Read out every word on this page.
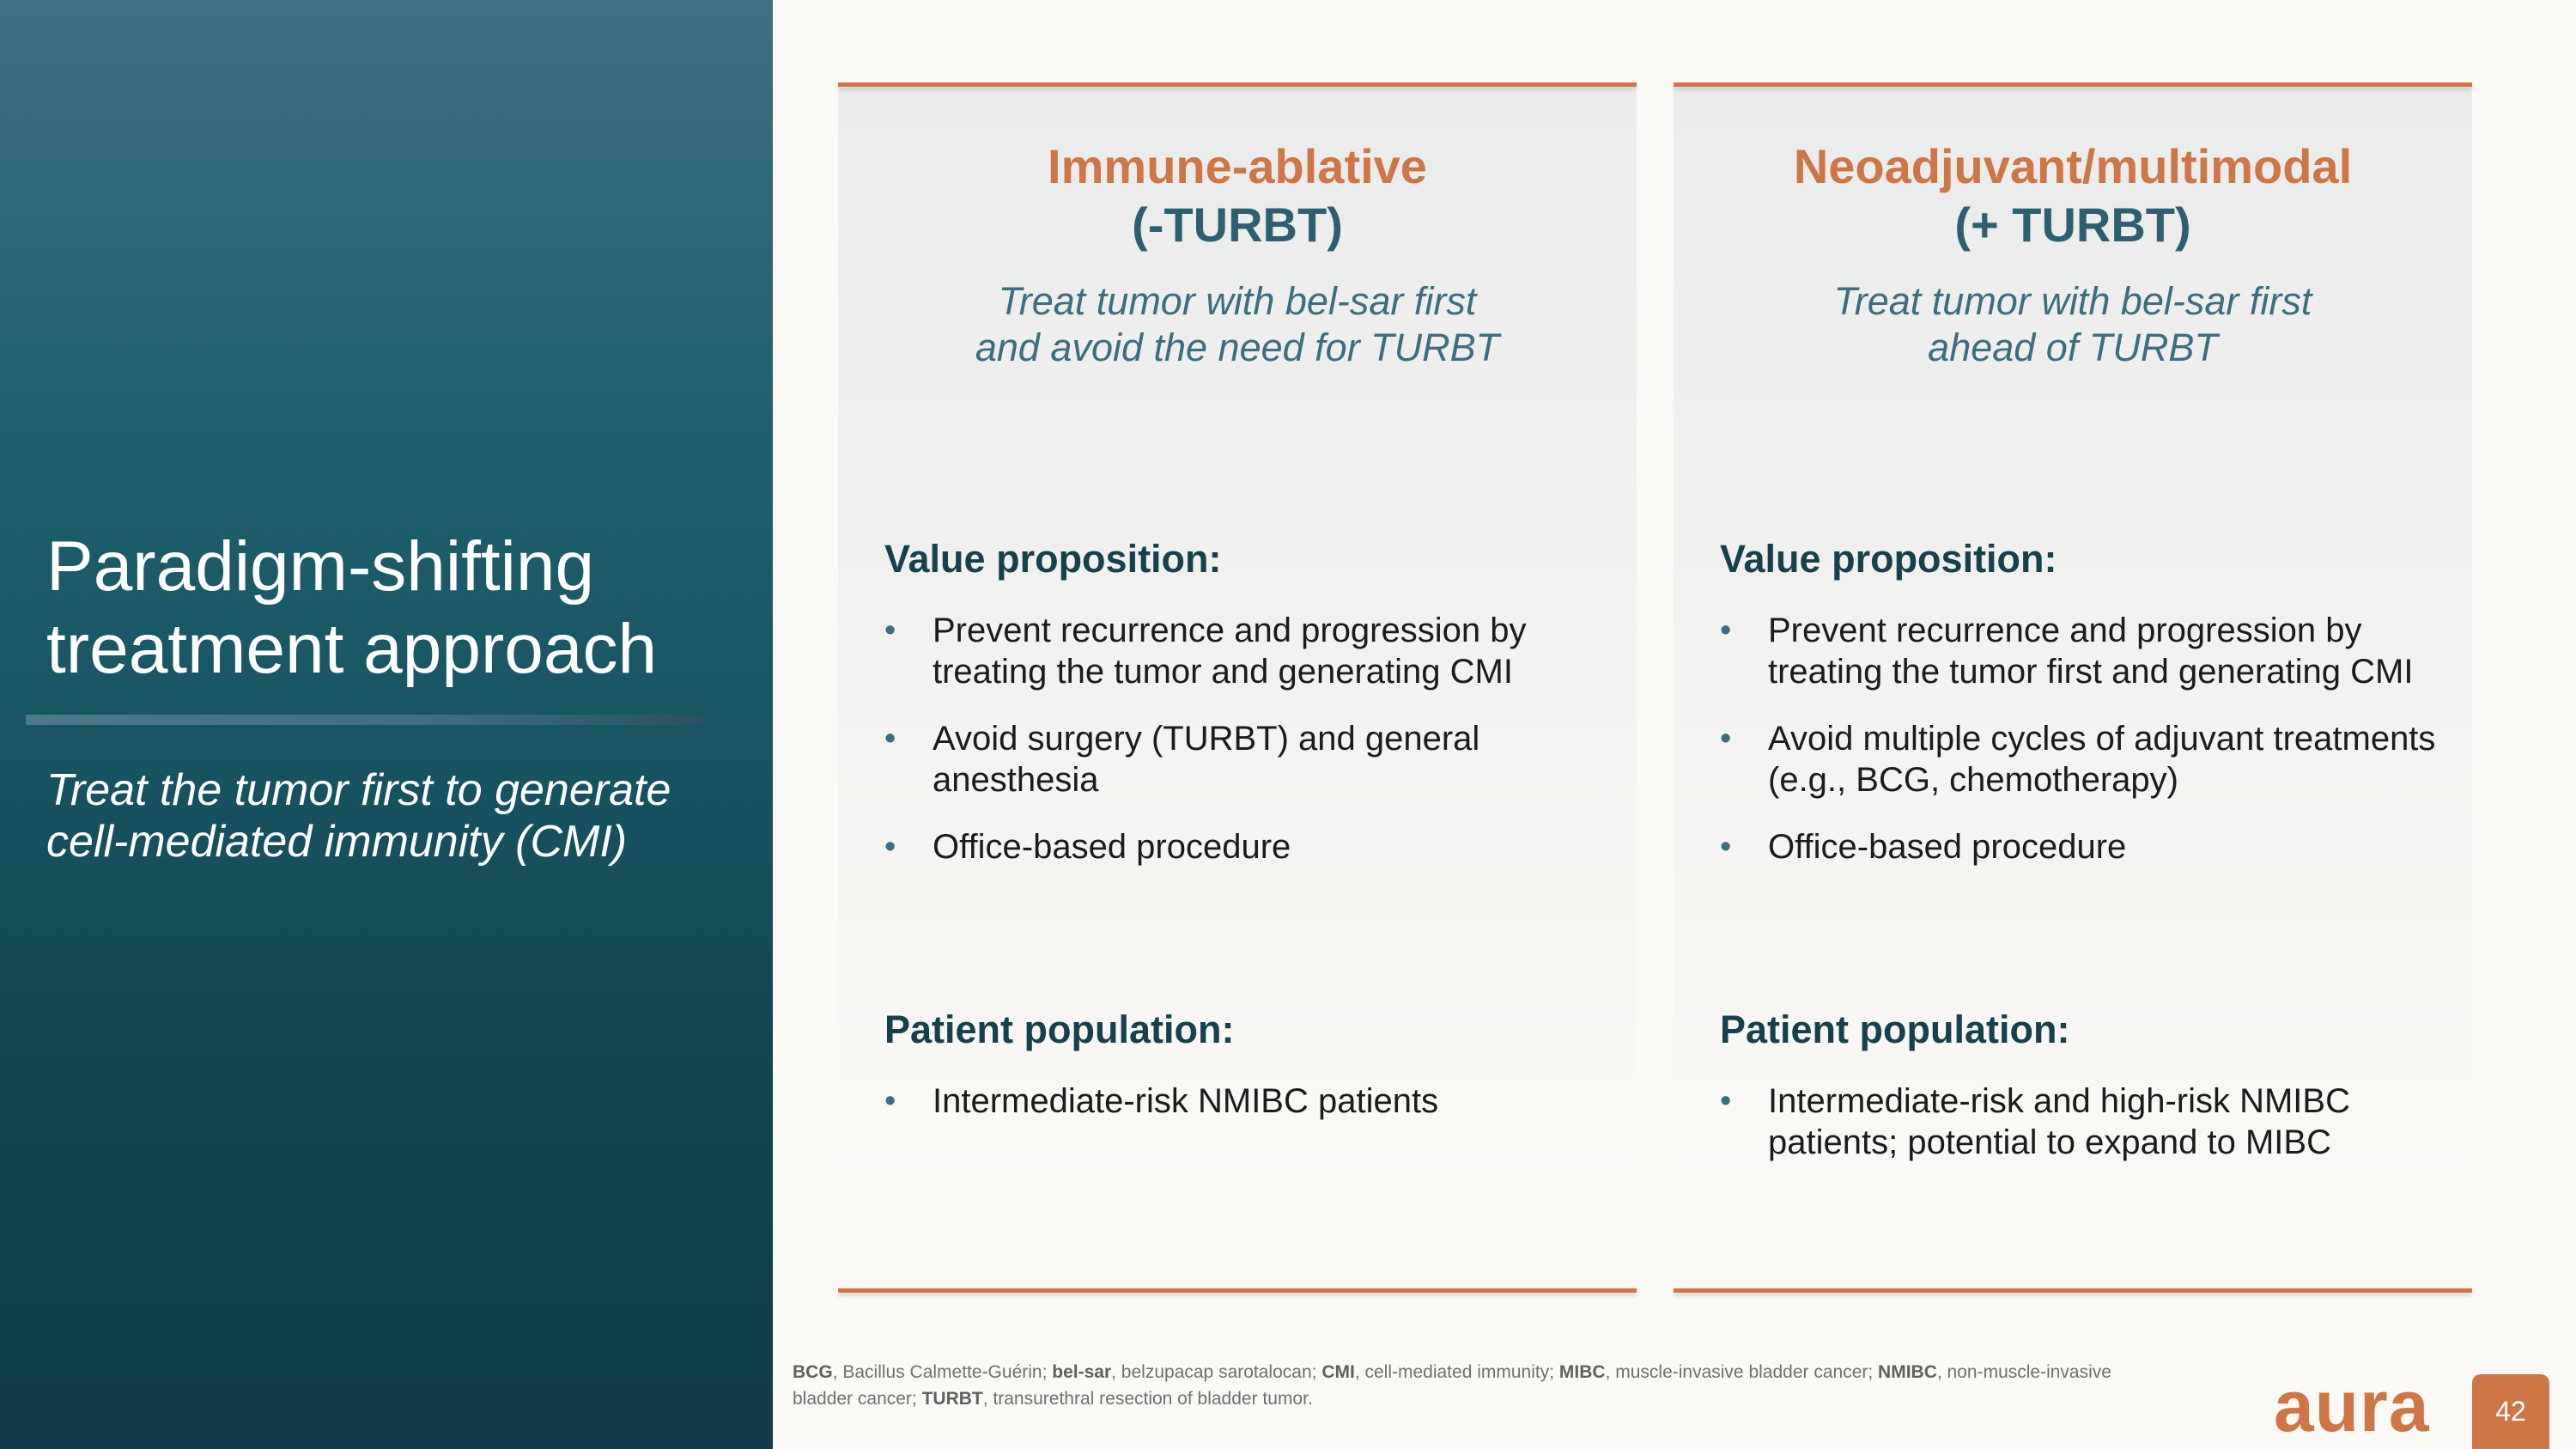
Paradigm-shifting
treatment approach

Treat the tumor first to generate
cell-mediated immunity (CMI)

Immune-ablative
(-TURBT)
Treat tumor with bel-sar first
and avoid the need for TURBT
Value proposition:
• Prevent recurrence and progression by treating the tumor and generating CMI
• Avoid surgery (TURBT) and general anesthesia
• Office-based procedure
Patient population:
• Intermediate-risk NMIBC patients
Neoadjuvant/multimodal
(+ TURBT)
Treat tumor with bel-sar first
ahead of TURBT
Value proposition:
• Prevent recurrence and progression by treating the tumor first and generating CMI
• Avoid multiple cycles of adjuvant treatments (e.g., BCG, chemotherapy)
• Office-based procedure
Patient population:
• Intermediate-risk and high-risk NMIBC patients; potential to expand to MIBC
BCG, Bacillus Calmette-Guérin; bel-sar, belzupacap sarotalocan; CMI, cell-mediated immunity; MIBC, muscle-invasive bladder cancer; NMIBC, non-muscle-invasive bladder cancer; TURBT, transurethral resection of bladder tumor.	aura	42
